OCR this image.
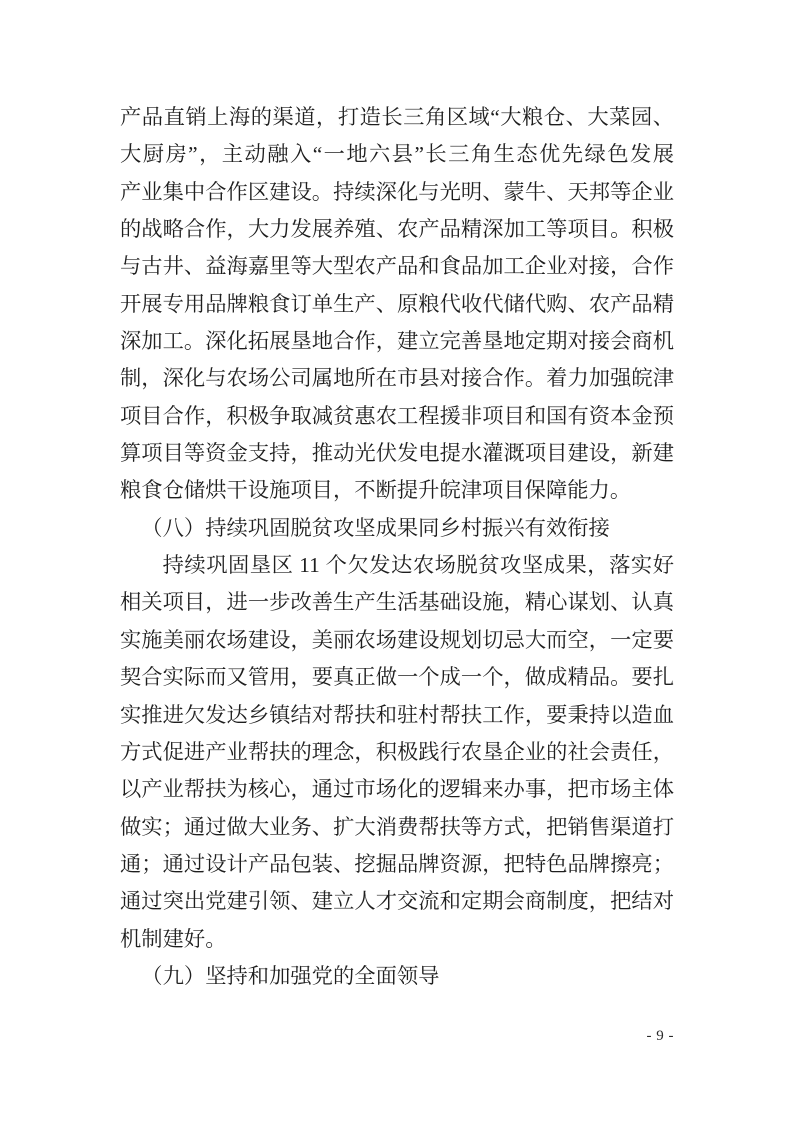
产品直销上海的渠道，打造长三角区域“大粮仓、大菜园、
大厨房”，主动融入“一地六县”长三角生态优先绿色发展
产业集中合作区建设。持续深化与光明、蒙牛、天邦等企业
的战略合作，大力发展养殖、农产品精深加工等项目。积极
与古井、益海嘉里等大型农产品和食品加工企业对接，合作
开展专用品牌粮食订单生产、原粮代收代储代购、农产品精
深加工。深化拓展垦地合作，建立完善垦地定期对接会商机
制，深化与农场公司属地所在市县对接合作。着力加强皖津
项目合作，积极争取减贫惠农工程援非项目和国有资本金预
算项目等资金支持，推动光伏发电提水灌溉项目建设，新建
粮食仓储烘干设施项目，不断提升皖津项目保障能力。
（八）持续巩固脱贫攻坚成果同乡村振兴有效衔接
持续巩固垦区 11 个欠发达农场脱贫攻坚成果，落实好
相关项目，进一步改善生产生活基础设施，精心谋划、认真
实施美丽农场建设，美丽农场建设规划切忌大而空，一定要
契合实际而又管用，要真正做一个成一个，做成精品。要扎
实推进欠发达乡镇结对帮扶和驻村帮扶工作，要秉持以造血
方式促进产业帮扶的理念，积极践行农垦企业的社会责任，
以产业帮扶为核心，通过市场化的逻辑来办事，把市场主体
做实；通过做大业务、扩大消费帮扶等方式，把销售渠道打
通；通过设计产品包装、挖掘品牌资源，把特色品牌擦亮；
通过突出党建引领、建立人才交流和定期会商制度，把结对
机制建好。
（九）坚持和加强党的全面领导
- 9 -
